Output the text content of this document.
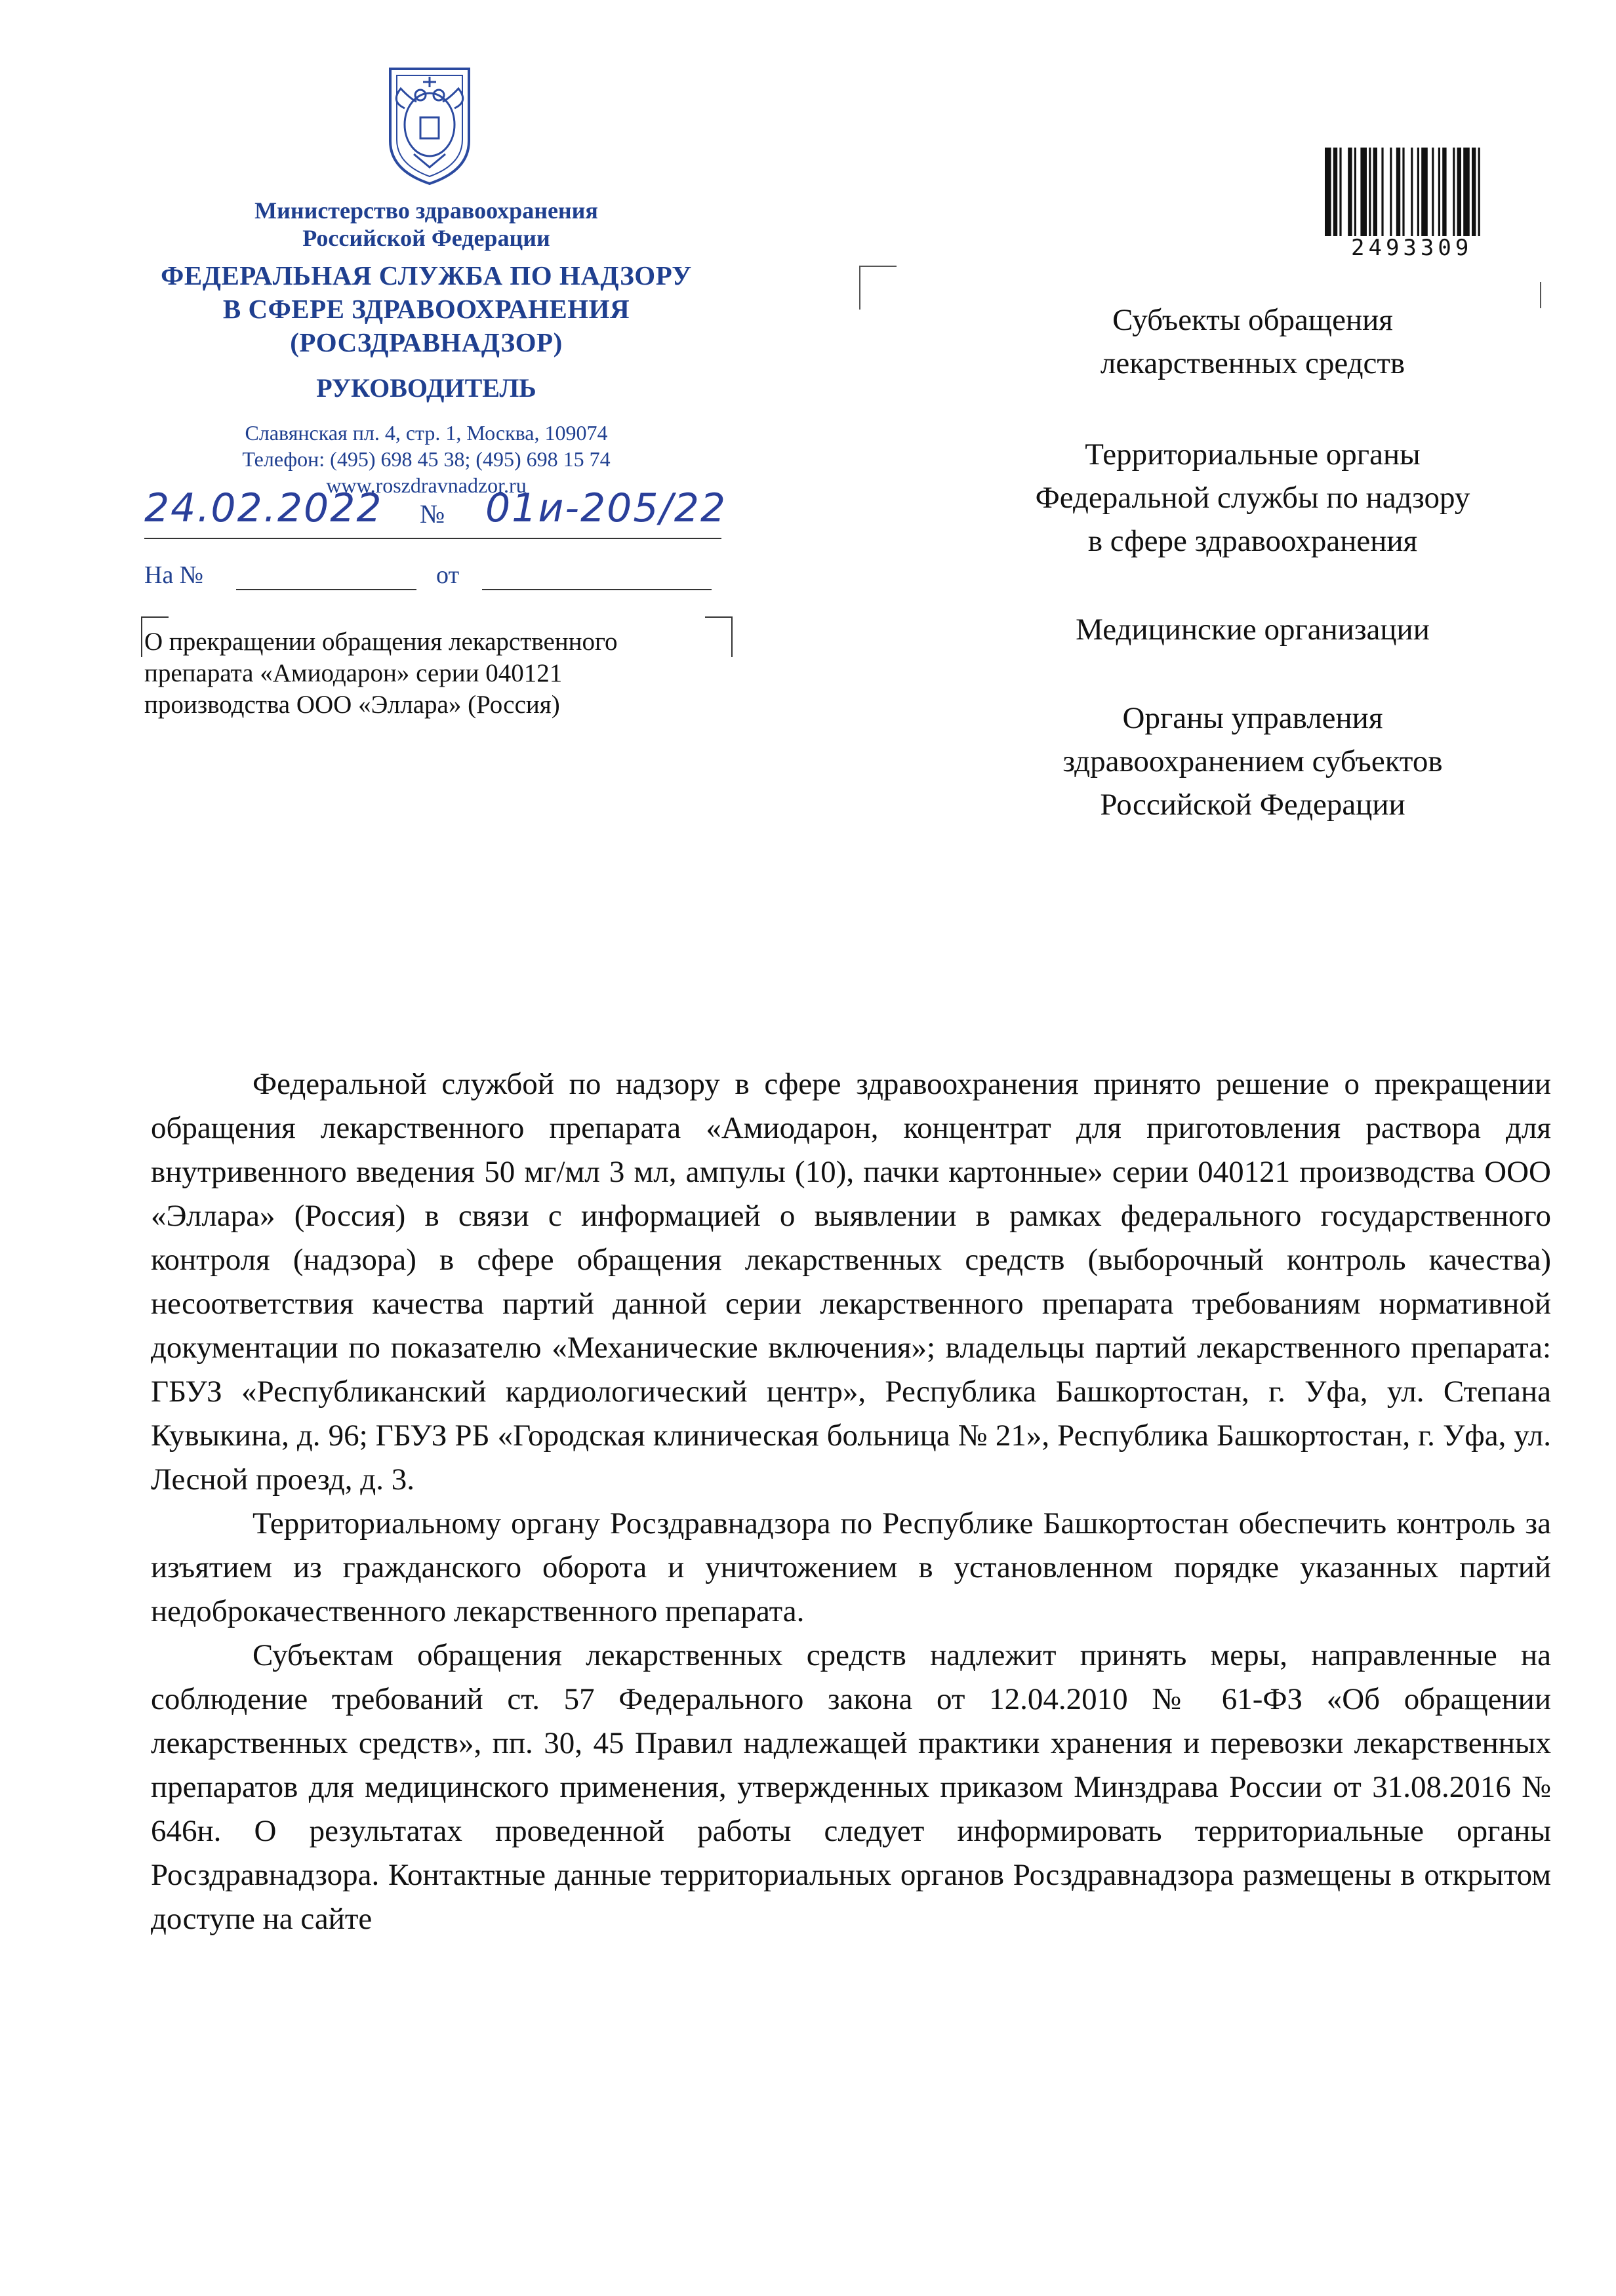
Министерство здравоохранения
Российской Федерации
ФЕДЕРАЛЬНАЯ СЛУЖБА ПО НАДЗОРУ
В СФЕРЕ ЗДРАВООХРАНЕНИЯ
(РОСЗДРАВНАДЗОР)
РУКОВОДИТЕЛЬ
Славянская пл. 4, стр. 1, Москва, 109074
Телефон: (495) 698 45 38; (495) 698 15 74
www.roszdravnadzor.ru
24.02.2022 № 01и-205/22
На №	от
О прекращении обращения лекарственного
препарата «Амиодарон» серии 040121
производства ООО «Эллара» (Россия)
2493309
Субъекты обращения
лекарственных средств
Территориальные органы
Федеральной службы по надзору
в сфере здравоохранения
Медицинские организации
Органы управления
здравоохранением субъектов
Российской Федерации

Федеральной службой по надзору в сфере здравоохранения принято решение о прекращении обращения лекарственного препарата «Амиодарон, концентрат для приготовления раствора для внутривенного введения 50 мг/мл 3 мл, ампулы (10), пачки картонные» серии 040121 производства ООО «Эллара» (Россия) в связи с информацией о выявлении в рамках федерального государственного контроля (надзора) в сфере обращения лекарственных средств (выборочный контроль качества) несоответствия качества партий данной серии лекарственного препарата требованиям нормативной документации по показателю «Механические включения»; владельцы партий лекарственного препарата: ГБУЗ «Республиканский кардиологический центр», Республика Башкортостан, г. Уфа, ул. Степана Кувыкина, д. 96; ГБУЗ РБ «Городская клиническая больница № 21», Республика Башкортостан, г. Уфа, ул. Лесной проезд, д. 3.

Территориальному органу Росздравнадзора по Республике Башкортостан обеспечить контроль за изъятием из гражданского оборота и уничтожением в установленном порядке указанных партий недоброкачественного лекарственного препарата.

Субъектам обращения лекарственных средств надлежит принять меры, направленные на соблюдение требований ст. 57 Федерального закона от 12.04.2010 № 61-ФЗ «Об обращении лекарственных средств», пп. 30, 45 Правил надлежащей практики хранения и перевозки лекарственных препаратов для медицинского применения, утвержденных приказом Минздрава России от 31.08.2016 № 646н. О результатах проведенной работы следует информировать территориальные органы Росздравнадзора. Контактные данные территориальных органов Росздравнадзора размещены в открытом доступе на сайте
